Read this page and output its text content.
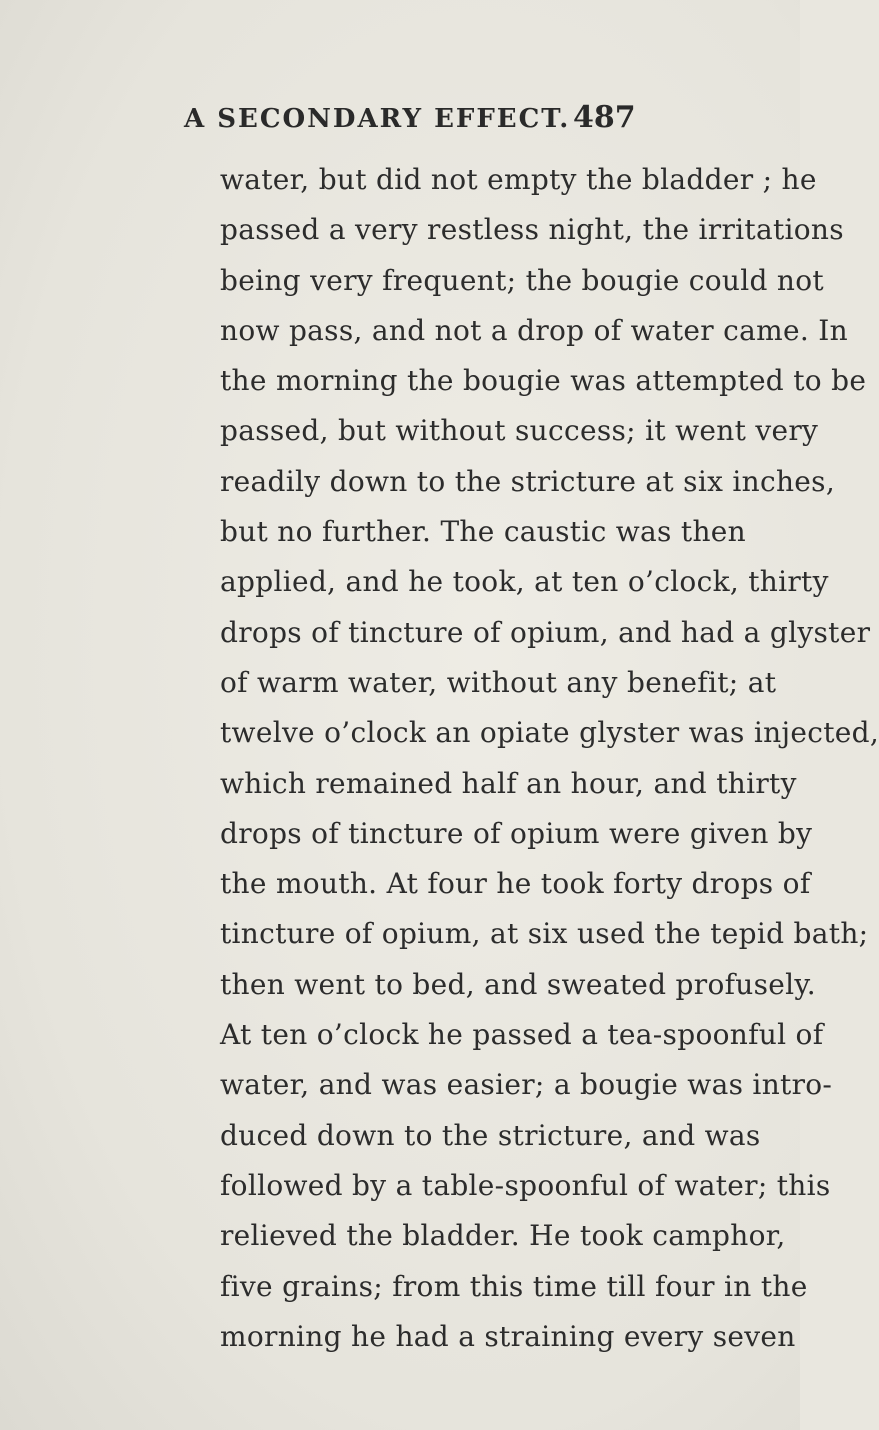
A SECONDARY EFFECT. 487
water, but did not empty the bladder ; he
passed a very restless night, the irritations
being very frequent; the bougie could not
now pass, and not a drop of water came. In
the morning the bougie was attempted to be
passed, but without success; it went very
readily down to the stricture at six inches,
but no further. The caustic was then
applied, and he took, at ten o’clock, thirty
drops of tincture of opium, and had a glyster
of warm water, without any benefit; at
twelve o’clock an opiate glyster was injected,
which remained half an hour, and thirty
drops of tincture of opium were given by
the mouth. At four he took forty drops of
tincture of opium, at six used the tepid bath;
then went to bed, and sweated profusely.
At ten o’clock he passed a tea-spoonful of
water, and was easier; a bougie was intro-
duced down to the stricture, and was
followed by a table-spoonful of water; this
relieved the bladder. He took camphor,
five grains; from this time till four in the
morning he had a straining every seven
